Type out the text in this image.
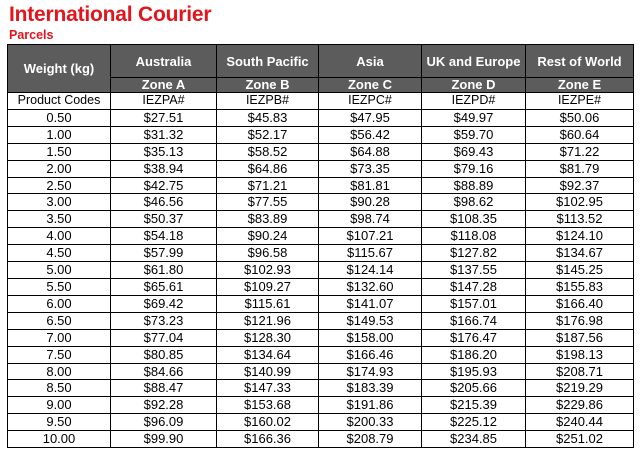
International Courier
Parcels
Weight (kg)	Australia	South Pacific	Asia	UK and Europe	Rest of World
	Zone A	Zone B	Zone C	Zone D	Zone E
Product Codes	IEZPA#	IEZPB#	IEZPC#	IEZPD#	IEZPE#
0.50	$27.51	$45.83	$47.95	$49.97	$50.06
1.00	$31.32	$52.17	$56.42	$59.70	$60.64
1.50	$35.13	$58.52	$64.88	$69.43	$71.22
2.00	$38.94	$64.86	$73.35	$79.16	$81.79
2.50	$42.75	$71.21	$81.81	$88.89	$92.37
3.00	$46.56	$77.55	$90.28	$98.62	$102.95
3.50	$50.37	$83.89	$98.74	$108.35	$113.52
4.00	$54.18	$90.24	$107.21	$118.08	$124.10
4.50	$57.99	$96.58	$115.67	$127.82	$134.67
5.00	$61.80	$102.93	$124.14	$137.55	$145.25
5.50	$65.61	$109.27	$132.60	$147.28	$155.83
6.00	$69.42	$115.61	$141.07	$157.01	$166.40
6.50	$73.23	$121.96	$149.53	$166.74	$176.98
7.00	$77.04	$128.30	$158.00	$176.47	$187.56
7.50	$80.85	$134.64	$166.46	$186.20	$198.13
8.00	$84.66	$140.99	$174.93	$195.93	$208.71
8.50	$88.47	$147.33	$183.39	$205.66	$219.29
9.00	$92.28	$153.68	$191.86	$215.39	$229.86
9.50	$96.09	$160.02	$200.33	$225.12	$240.44
10.00	$99.90	$166.36	$208.79	$234.85	$251.02
